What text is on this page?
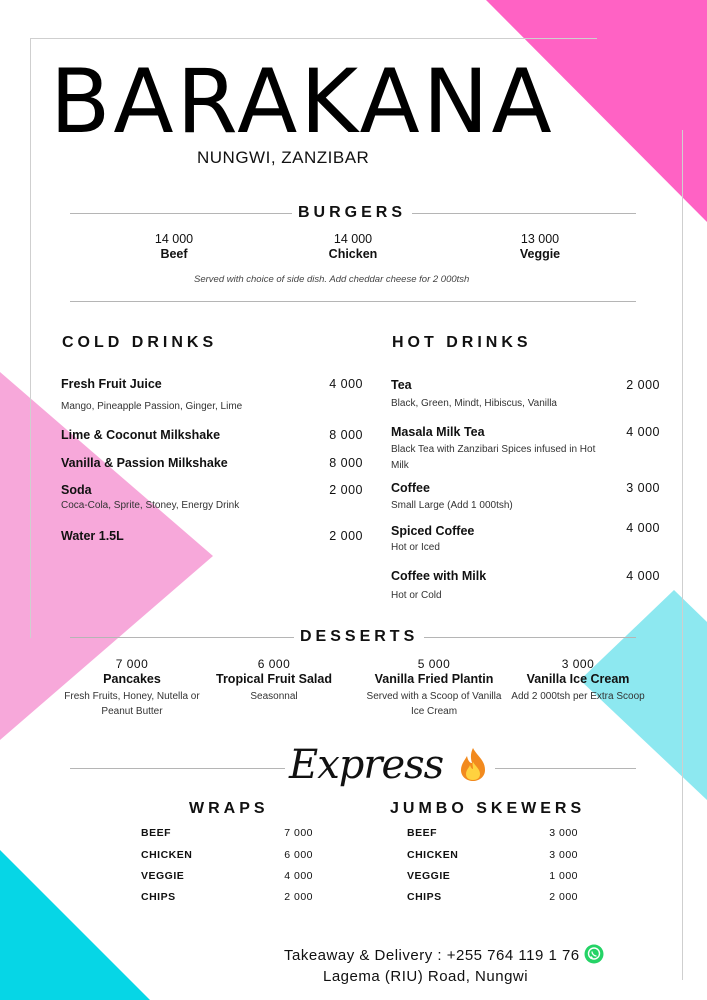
BARAKANA
NUNGWI, ZANZIBAR
BURGERS
14 000
Beef
14 000
Chicken
13 000
Veggie
Served with choice of side dish. Add cheddar cheese for 2 000tsh
COLD DRINKS
Fresh Fruit Juice	4 000
Mango, Pineapple Passion, Ginger, Lime
Lime & Coconut Milkshake	8 000
Vanilla & Passion Milkshake	8 000
Soda	2 000
Coca-Cola, Sprite, Stoney, Energy Drink
Water 1.5L	2 000
HOT DRINKS
Tea	2 000
Black, Green, Mindt, Hibiscus, Vanilla
Masala Milk Tea	4 000
Black Tea with Zanzibari Spices infused in Hot Milk
Coffee	3 000
Small Large (Add 1 000tsh)
Spiced Coffee	4 000
Hot or Iced
Coffee with Milk	4 000
Hot or Cold
DESSERTS
7 000
Pancakes
Fresh Fruits, Honey, Nutella or Peanut Butter
6 000
Tropical Fruit Salad
Seasonnal
5 000
Vanilla Fried Plantin
Served with a Scoop of Vanilla Ice Cream
3 000
Vanilla Ice Cream
Add 2 000tsh per Extra Scoop
Express
WRAPS
BEEF	7 000
CHICKEN	6 000
VEGGIE	4 000
CHIPS	2 000
JUMBO SKEWERS
BEEF	3 000
CHICKEN	3 000
VEGGIE	1 000
CHIPS	2 000
Takeaway & Delivery : +255 764 119 1 76
Lagema (RIU) Road, Nungwi
